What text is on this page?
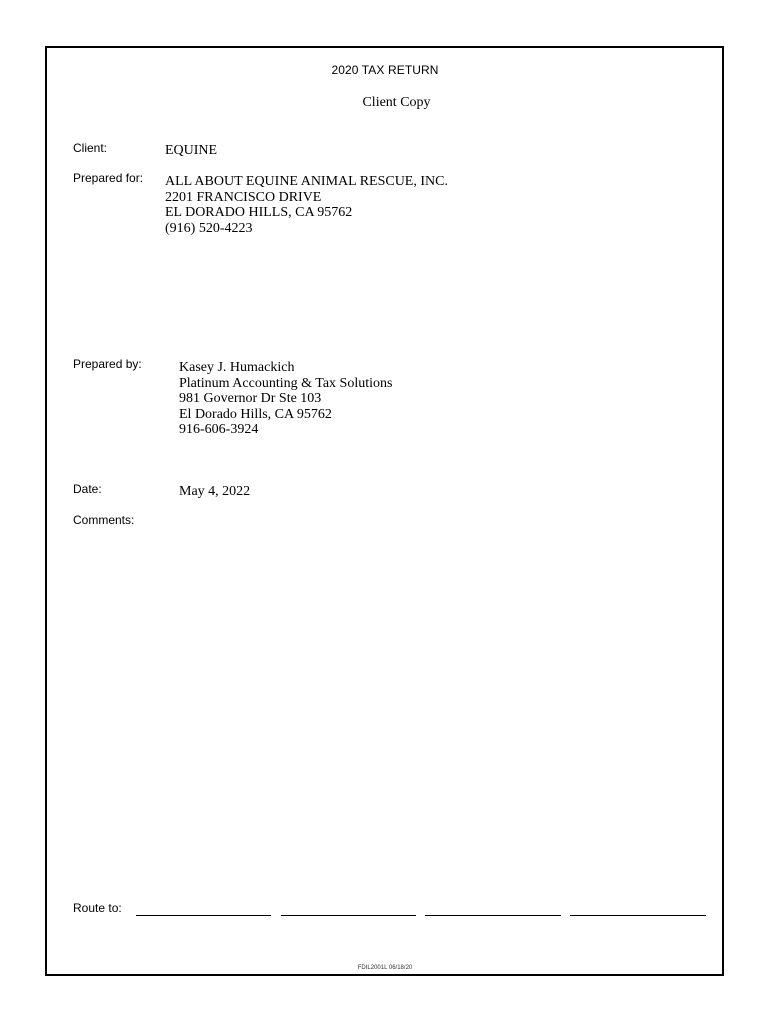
2020 TAX RETURN
Client Copy
Client:	EQUINE
Prepared for: ALL ABOUT EQUINE ANIMAL RESCUE, INC.
2201 FRANCISCO DRIVE
EL DORADO HILLS, CA 95762
(916) 520-4223
Prepared by:	Kasey J. Humackich
Platinum Accounting & Tax Solutions
981 Governor Dr Ste 103
El Dorado Hills, CA 95762
916-606-3924
Date:	May 4, 2022
Comments:
Route to:
FDIL2001L 06/18/20
